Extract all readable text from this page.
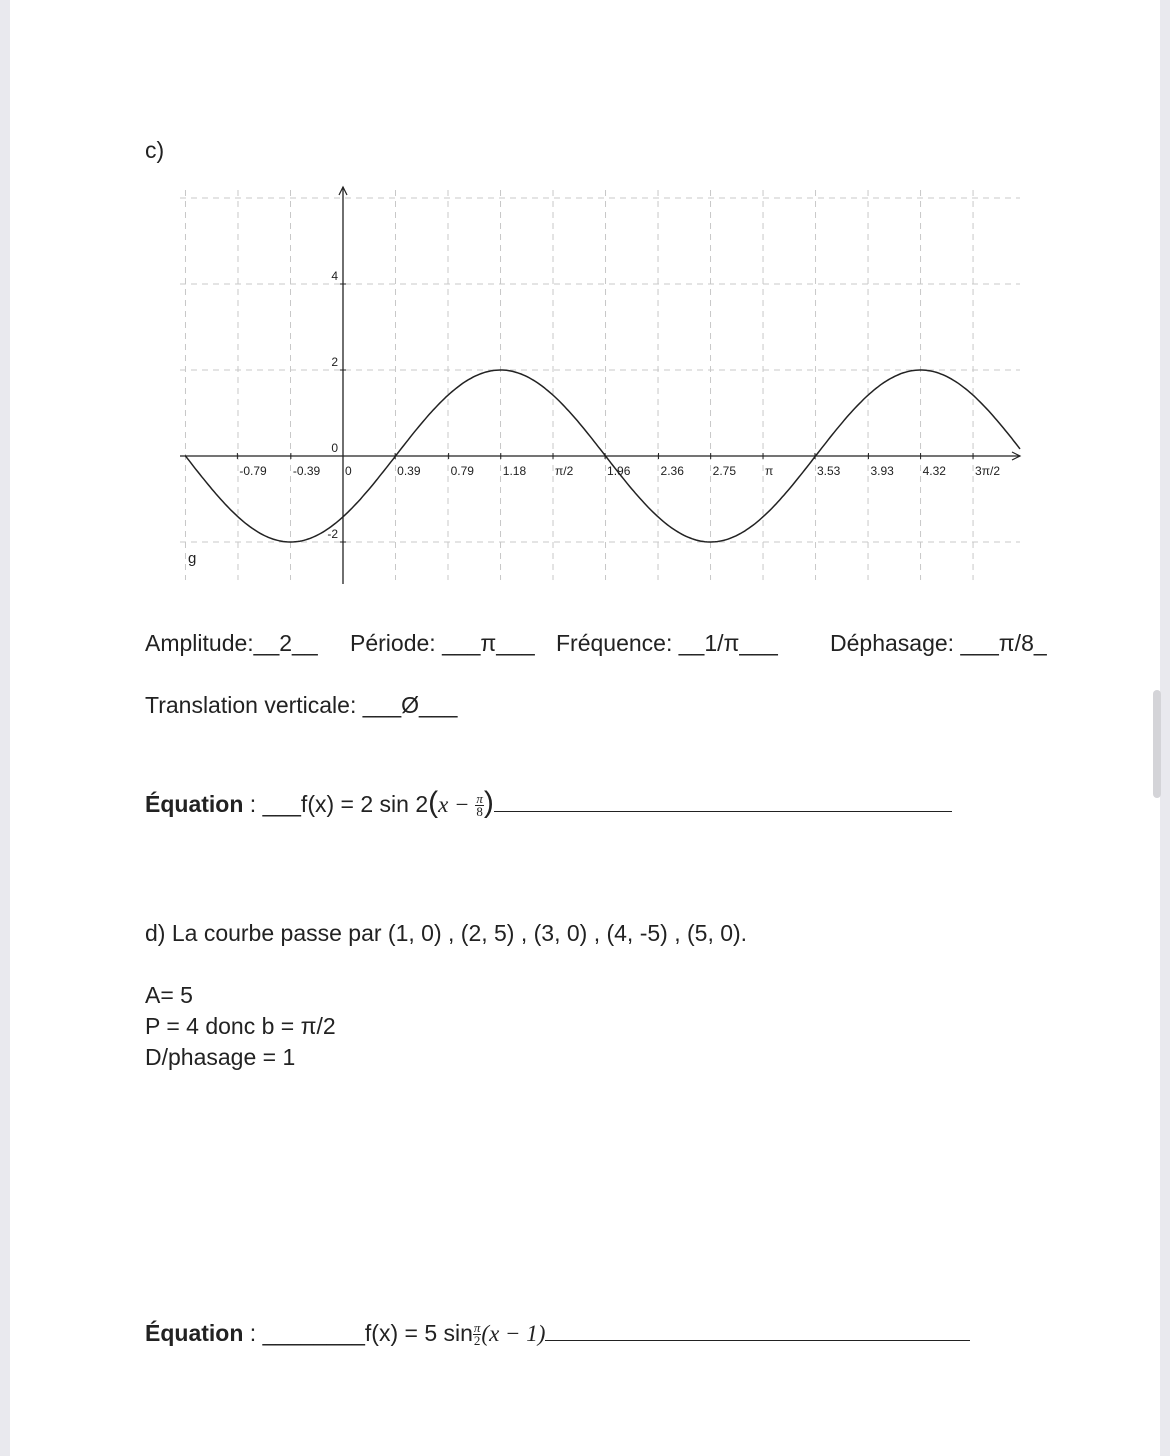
c)
-0.79 -0.39 0	0.39	0.79 1.18 π/2	1.96	2.36 2.75 π	3.53	3.93 4.32 3π/2
-2
0
2
4
g
Amplitude:__2__ Période: ___π___ Fréquence: __1/π___ Déphasage: ___π/8_
Translation verticale: ___Ø___
Équation : ___f(x) = 2 $\sin 2(x - \frac{\pi}{8}$ )
d) La courbe passe par (1, 0) , (2, 5) , (3, 0) , (4, -5) , (5, 0).
A= 5
P = 4 donc b = π/2
D/phasage = 1
Équation : ________f(x) = 5 $\sin \frac{\pi}{2} (x - 1)$
